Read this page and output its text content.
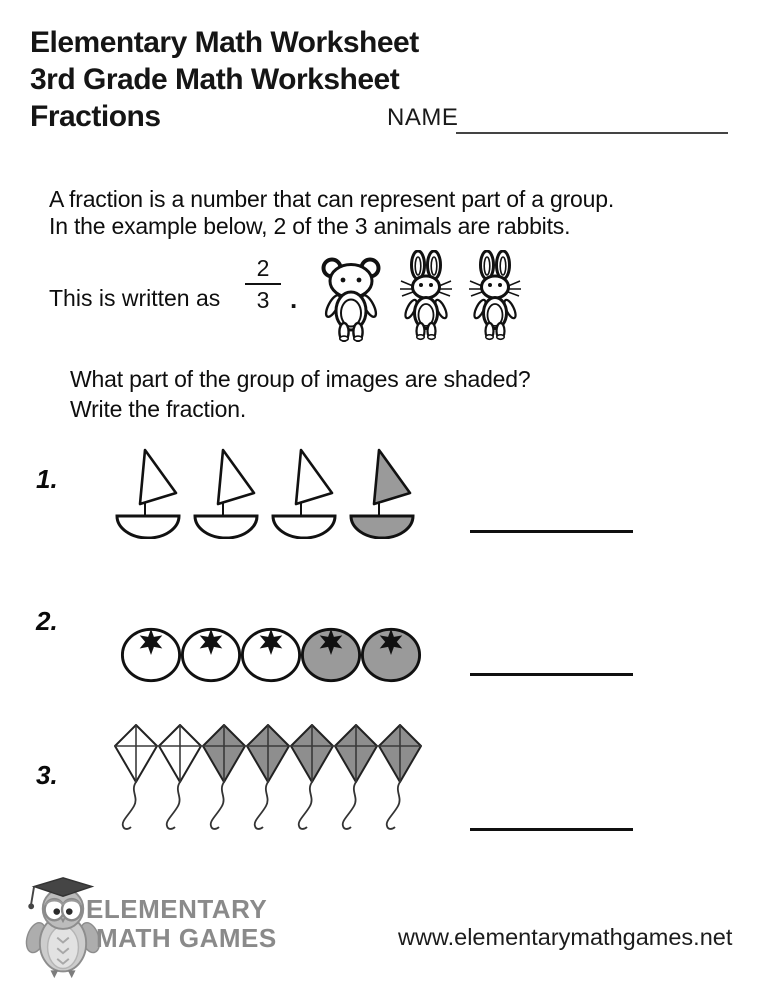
Elementary Math Worksheet
3rd Grade Math Worksheet
Fractions	NAME
A fraction is a number that can represent part of a group.
In the example below, 2 of the 3 animals are rabbits.
This is written as
2
3 .
What part of the group of images are shaded?
Write the fraction.
1.
2.
3.
ELEMENTARY
MATH GAMES	www.elementarymathgames.net
